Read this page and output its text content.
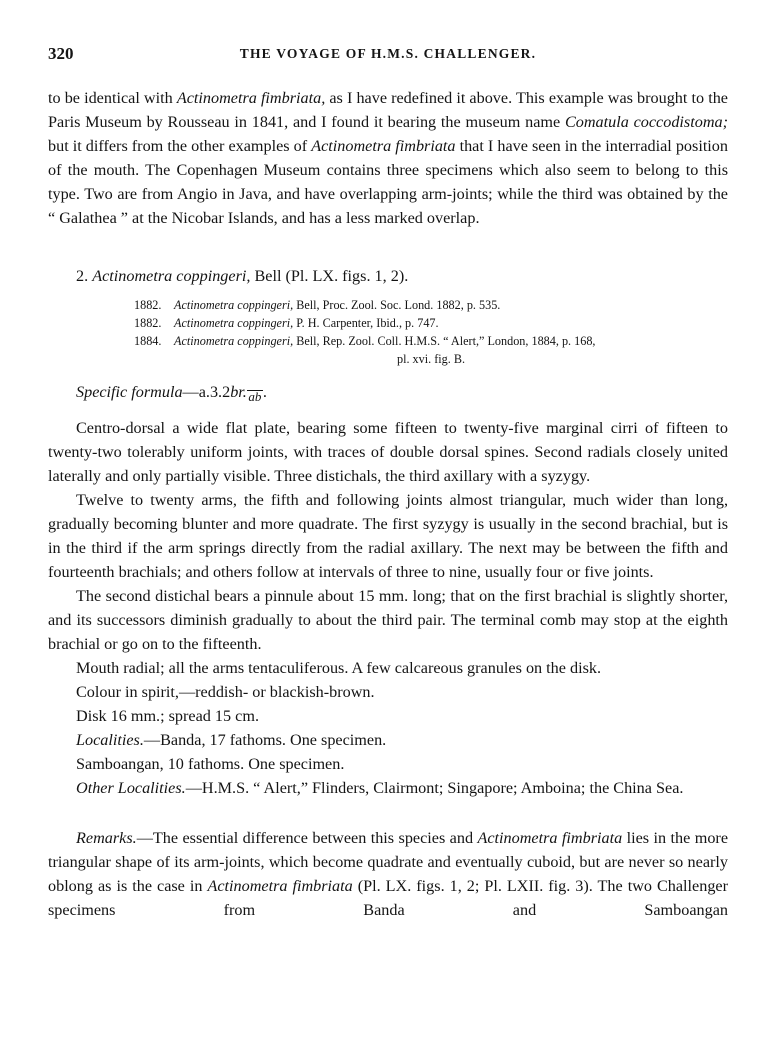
320	THE VOYAGE OF H.M.S. CHALLENGER.

to be identical with Actinometra fimbriata, as I have redefined it above. This example was brought to the Paris Museum by Rousseau in 1841, and I found it bearing the museum name Comatula coccodistoma; but it differs from the other examples of Actinometra fimbriata that I have seen in the interradial position of the mouth. The Copenhagen Museum contains three specimens which also seem to belong to this type. Two are from Angio in Java, and have overlapping arm-joints; while the third was obtained by the “ Galathea ” at the Nicobar Islands, and has a less marked overlap.

2. Actinometra coppingeri, Bell (Pl. LX. figs. 1, 2).
1882. Actinometra coppingeri, Bell, Proc. Zool. Soc. Lond. 1882, p. 535.
1882. Actinometra coppingeri, P. H. Carpenter, Ibid., p. 747.
1884. Actinometra coppingeri, Bell, Rep. Zool. Coll. H.M.S. “ Alert,” London, 1884, p. 168,
pl. xvi. fig. B.
Specific formula—a.3.2br. ab .

Centro-dorsal a wide flat plate, bearing some fifteen to twenty-five marginal cirri of fifteen to twenty-two tolerably uniform joints, with traces of double dorsal spines. Second radials closely united laterally and only partially visible. Three distichals, the third axillary with a syzygy.

Twelve to twenty arms, the fifth and following joints almost triangular, much wider than long, gradually becoming blunter and more quadrate. The first syzygy is usually in the second brachial, but is in the third if the arm springs directly from the radial axillary. The next may be between the fifth and fourteenth brachials; and others follow at intervals of three to nine, usually four or five joints.

The second distichal bears a pinnule about 15 mm. long; that on the first brachial is slightly shorter, and its successors diminish gradually to about the third pair. The terminal comb may stop at the eighth brachial or go on to the fifteenth.

Mouth radial; all the arms tentaculiferous. A few calcareous granules on the disk.

Colour in spirit,—reddish- or blackish-brown.

Disk 16 mm.; spread 15 cm.

Localities.—Banda, 17 fathoms. One specimen.

Samboangan, 10 fathoms. One specimen.

Other Localities.—H.M.S. “ Alert,” Flinders, Clairmont; Singapore; Amboina; the China Sea.

Remarks.—The essential difference between this species and Actinometra fimbriata lies in the more triangular shape of its arm-joints, which become quadrate and eventually cuboid, but are never so nearly oblong as is the case in Actinometra fimbriata (Pl. LX. figs. 1, 2; Pl. LXII. fig. 3). The two Challenger specimens from Banda and Samboangan
